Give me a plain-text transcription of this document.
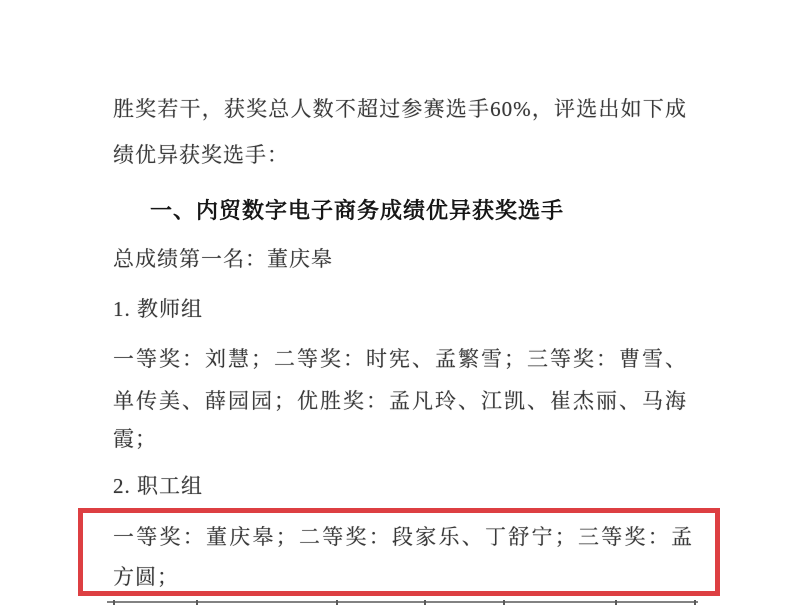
胜奖若干，获奖总人数不超过参赛选手60%，评选出如下成
绩优异获奖选手：
一、内贸数字电子商务成绩优异获奖选手
总成绩第一名：董庆皋
1. 教师组
一等奖：刘慧；二等奖：时宪、孟繁雪；三等奖：曹雪、
单传美、薛园园；优胜奖：孟凡玲、江凯、崔杰丽、马海
霞；
2. 职工组
一等奖：董庆皋；二等奖：段家乐、丁舒宁；三等奖：孟
方圆；
